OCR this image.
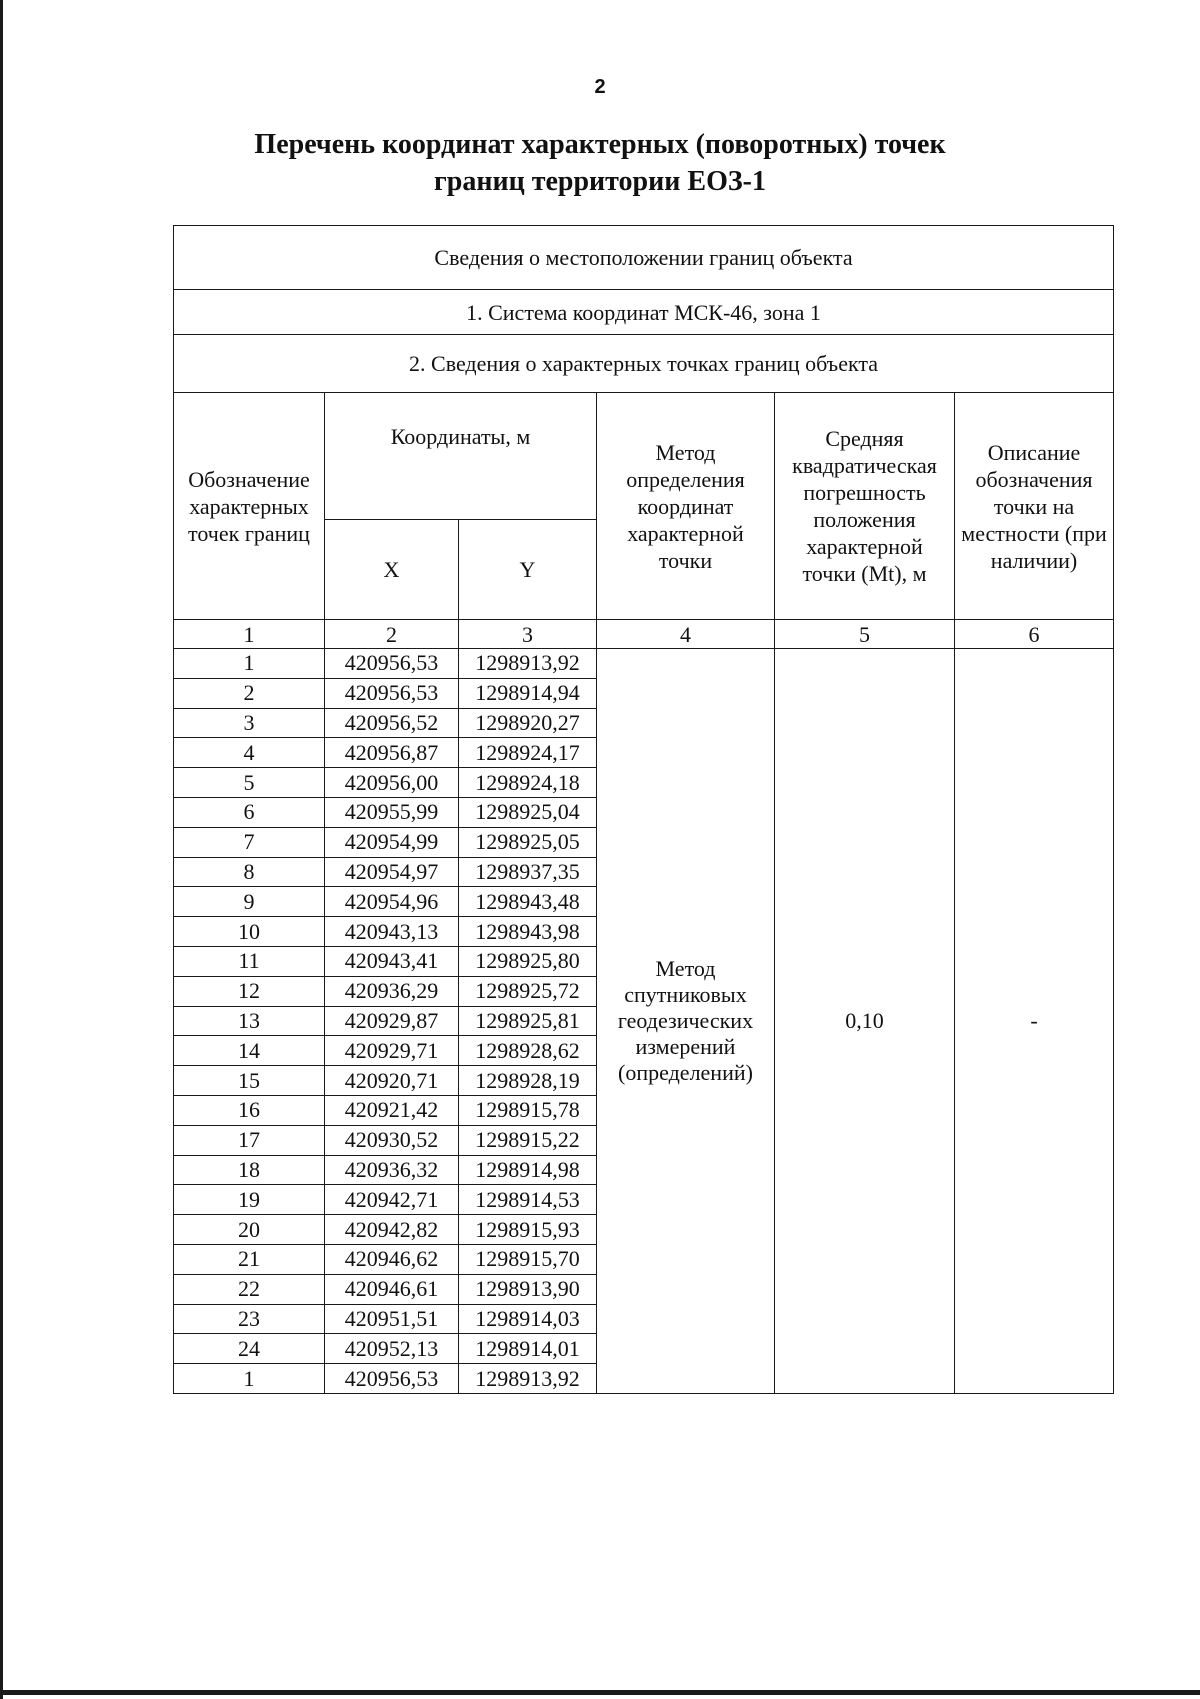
2
Перечень координат характерных (поворотных) точек
границ территории ЕОЗ-1
Сведения о местоположении границ объекта					
1. Система координат МСК-46, зона 1					
2. Сведения о характерных точках границ объекта					
Обозначение характерных точек границ	Координаты, м		Метод определения координат характерной точки	Средняя квадратическая погрешность положения характерной точки (Mt), м	Описание обозначения точки на местности (при наличии)
	X	Y			
1	2	3	4	5	6
1	420956,53	1298913,92	Метод спутниковых геодезических измерений (определений)	0,10	-
2	420956,53	1298914,94			
3	420956,52	1298920,27			
4	420956,87	1298924,17			
5	420956,00	1298924,18			
6	420955,99	1298925,04			
7	420954,99	1298925,05			
8	420954,97	1298937,35			
9	420954,96	1298943,48			
10	420943,13	1298943,98			
11	420943,41	1298925,80			
12	420936,29	1298925,72			
13	420929,87	1298925,81			
14	420929,71	1298928,62			
15	420920,71	1298928,19			
16	420921,42	1298915,78			
17	420930,52	1298915,22			
18	420936,32	1298914,98			
19	420942,71	1298914,53			
20	420942,82	1298915,93			
21	420946,62	1298915,70			
22	420946,61	1298913,90			
23	420951,51	1298914,03			
24	420952,13	1298914,01			
1	420956,53	1298913,92			
